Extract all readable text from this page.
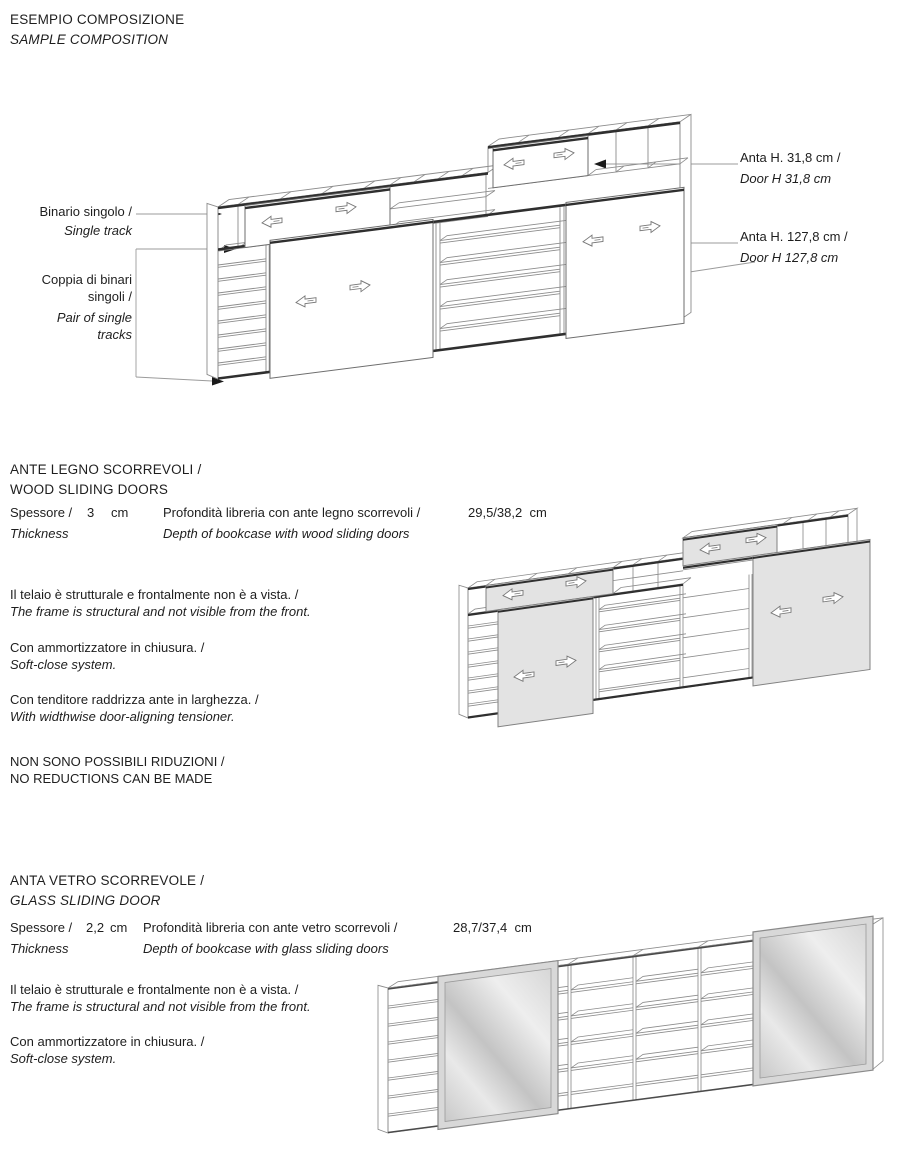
ESEMPIO COMPOSIZIONE
SAMPLE COMPOSITION
Binario singolo /
Single track
Coppia di binari singoli /
Pair of single tracks
Anta H. 31,8 cm /
Door H 31,8 cm
Anta H. 127,8 cm /
Door H 127,8 cm
ANTE LEGNO SCORREVOLI /
WOOD SLIDING DOORS
Spessore / 3 cm
Thickness
Profondità libreria con ante legno scorrevoli /
Depth of bookcase with wood sliding doors
29,5/38,2  cm
Il telaio è strutturale e frontalmente non è a vista. /
The frame is structural and not visible from the front.
Con ammortizzatore in chiusura. /
Soft-close system.
Con tenditore raddrizza ante in larghezza. /
With widthwise door-aligning tensioner.
NON SONO POSSIBILI RIDUZIONI /
NO REDUCTIONS CAN BE MADE
ANTA VETRO SCORREVOLE /
GLASS SLIDING DOOR
Spessore / 2,2 cm
Thickness
Profondità libreria con ante vetro scorrevoli /
Depth of bookcase with glass sliding doors
28,7/37,4  cm
Il telaio è strutturale e frontalmente non è a vista. /
The frame is structural and not visible from the front.
Con ammortizzatore in chiusura. /
Soft-close system.
